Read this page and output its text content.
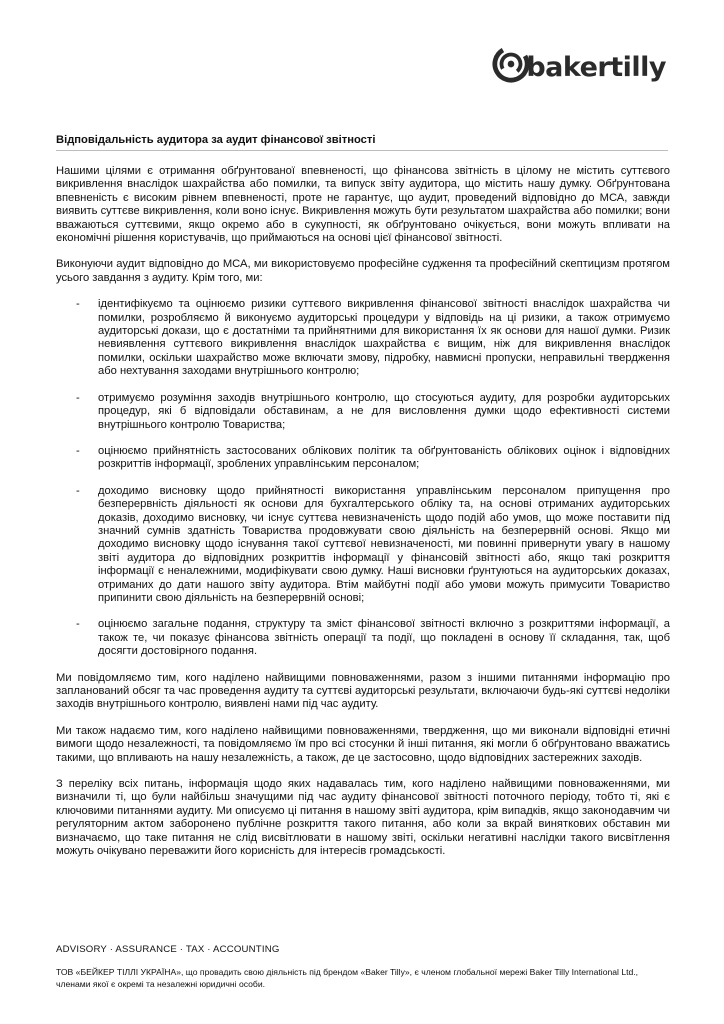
bakertilly
Відповідальність аудитора за аудит фінансової звітності

Нашими цілями є отримання обґрунтованої впевненості, що фінансова звітність в цілому не містить суттєвого викривлення внаслідок шахрайства або помилки, та випуск звіту аудитора, що містить нашу думку. Обґрунтована впевненість є високим рівнем впевненості, проте не гарантує, що аудит, проведений відповідно до МСА, завжди виявить суттєве викривлення, коли воно існує. Викривлення можуть бути результатом шахрайства або помилки; вони вважаються суттєвими, якщо окремо або в сукупності, як обґрунтовано очікується, вони можуть впливати на економічні рішення користувачів, що приймаються на основі цієї фінансової звітності.

Виконуючи аудит відповідно до МСА, ми використовуємо професійне судження та професійний скептицизм протягом усього завдання з аудиту. Крім того, ми:

- ідентифікуємо та оцінюємо ризики суттєвого викривлення фінансової звітності внаслідок шахрайства чи помилки, розробляємо й виконуємо аудиторські процедури у відповідь на ці ризики, а також отримуємо аудиторські докази, що є достатніми та прийнятними для використання їх як основи для нашої думки. Ризик невиявлення суттєвого викривлення внаслідок шахрайства є вищим, ніж для викривлення внаслідок помилки, оскільки шахрайство може включати змову, підробку, навмисні пропуски, неправильні твердження або нехтування заходами внутрішнього контролю;
- отримуємо розуміння заходів внутрішнього контролю, що стосуються аудиту, для розробки аудиторських процедур, які б відповідали обставинам, а не для висловлення думки щодо ефективності системи внутрішнього контролю Товариства;
- оцінюємо прийнятність застосованих облікових політик та обґрунтованість облікових оцінок і відповідних розкриттів інформації, зроблених управлінським персоналом;
- доходимо висновку щодо прийнятності використання управлінським персоналом припущення про безперервність діяльності як основи для бухгалтерського обліку та, на основі отриманих аудиторських доказів, доходимо висновку, чи існує суттєва невизначеність щодо подій або умов, що може поставити під значний сумнів здатність Товариства продовжувати свою діяльність на безперервній основі. Якщо ми доходимо висновку щодо існування такої суттєвої невизначеності, ми повинні привернути увагу в нашому звіті аудитора до відповідних розкриттів інформації у фінансовій звітності або, якщо такі розкриття інформації є неналежними, модифікувати свою думку. Наші висновки ґрунтуються на аудиторських доказах, отриманих до дати нашого звіту аудитора. Втім майбутні події або умови можуть примусити Товариство припинити свою діяльність на безперервній основі;
- оцінюємо загальне подання, структуру та зміст фінансової звітності включно з розкриттями інформації, а також те, чи показує фінансова звітність операції та події, що покладені в основу її складання, так, щоб досягти достовірного подання.

Ми повідомляємо тим, кого наділено найвищими повноваженнями, разом з іншими питаннями інформацію про запланований обсяг та час проведення аудиту та суттєві аудиторські результати, включаючи будь-які суттєві недоліки заходів внутрішнього контролю, виявлені нами під час аудиту.

Ми також надаємо тим, кого наділено найвищими повноваженнями, твердження, що ми виконали відповідні етичні вимоги щодо незалежності, та повідомляємо їм про всі стосунки й інші питання, які могли б обґрунтовано вважатись такими, що впливають на нашу незалежність, а також, де це застосовно, щодо відповідних застережних заходів.

З переліку всіх питань, інформація щодо яких надавалась тим, кого наділено найвищими повноваженнями, ми визначили ті, що були найбільш значущими під час аудиту фінансової звітності поточного періоду, тобто ті, які є ключовими питаннями аудиту. Ми описуємо ці питання в нашому звіті аудитора, крім випадків, якщо законодавчим чи регуляторним актом заборонено публічне розкриття такого питання, або коли за вкрай виняткових обставин ми визначаємо, що таке питання не слід висвітлювати в нашому звіті, оскільки негативні наслідки такого висвітлення можуть очікувано переважити його корисність для інтересів громадськості.

ADVISORY · ASSURANCE · TAX · ACCOUNTING
ТОВ «БЕЙКЕР ТІЛЛІ УКРАЇНА», що провадить свою діяльність під брендом «Baker Tilly», є членом глобальної мережі Baker Tilly International Ltd., членами якої є окремі та незалежні юридичні особи.
